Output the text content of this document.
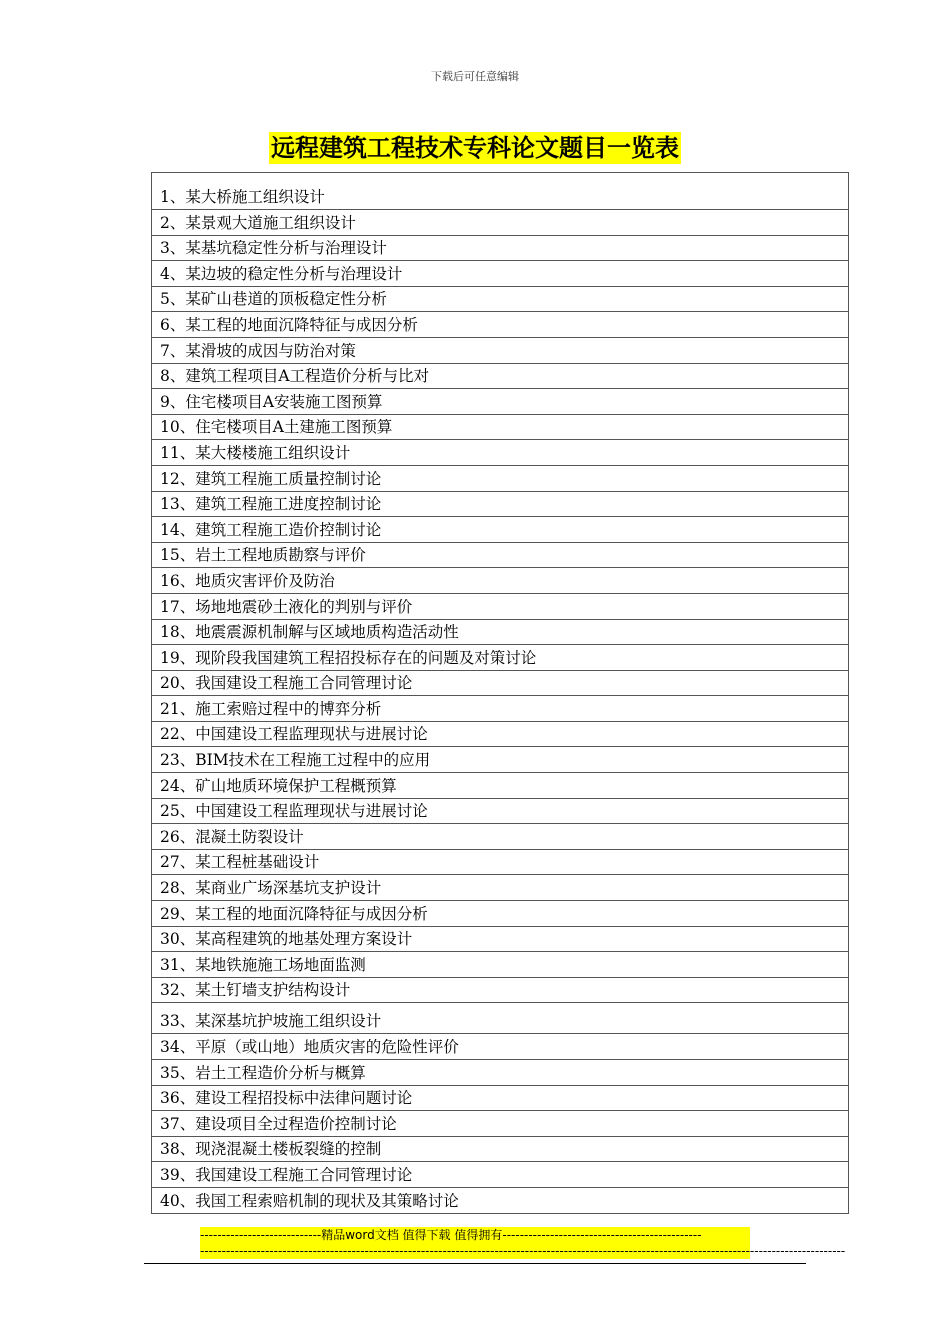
下载后可任意编辑
远程建筑工程技术专科论文题目一览表
1、某大桥施工组织设计
2、某景观大道施工组织设计
3、某基坑稳定性分析与治理设计
4、某边坡的稳定性分析与治理设计
5、某矿山巷道的顶板稳定性分析
6、某工程的地面沉降特征与成因分析
7、某滑坡的成因与防治对策
8、建筑工程项目A工程造价分析与比对
9、住宅楼项目A安装施工图预算
10、住宅楼项目A土建施工图预算
11、某大楼楼施工组织设计
12、建筑工程施工质量控制讨论
13、建筑工程施工进度控制讨论
14、建筑工程施工造价控制讨论
15、岩土工程地质勘察与评价
16、地质灾害评价及防治
17、场地地震砂土液化的判别与评价
18、地震震源机制解与区域地质构造活动性
19、现阶段我国建筑工程招投标存在的问题及对策讨论
20、我国建设工程施工合同管理讨论
21、施工索赔过程中的博弈分析
22、中国建设工程监理现状与进展讨论
23、BIM技术在工程施工过程中的应用
24、矿山地质环境保护工程概预算
25、中国建设工程监理现状与进展讨论
26、混凝土防裂设计
27、某工程桩基础设计
28、某商业广场深基坑支护设计
29、某工程的地面沉降特征与成因分析
30、某高程建筑的地基处理方案设计
31、某地铁施施工场地面监测
32、某土钉墙支护结构设计
33、某深基坑护坡施工组织设计
34、平原（或山地）地质灾害的危险性评价
35、岩土工程造价分析与概算
36、建设工程招投标中法律问题讨论
37、建设项目全过程造价控制讨论
38、现浇混凝土楼板裂缝的控制
39、我国建设工程施工合同管理讨论
40、我国工程索赔机制的现状及其策略讨论
----------------------------精品word文档 值得下载 值得拥有----------------------------------------------
-----------------------------------------------------------------------------------------------------------------------------------------------------
